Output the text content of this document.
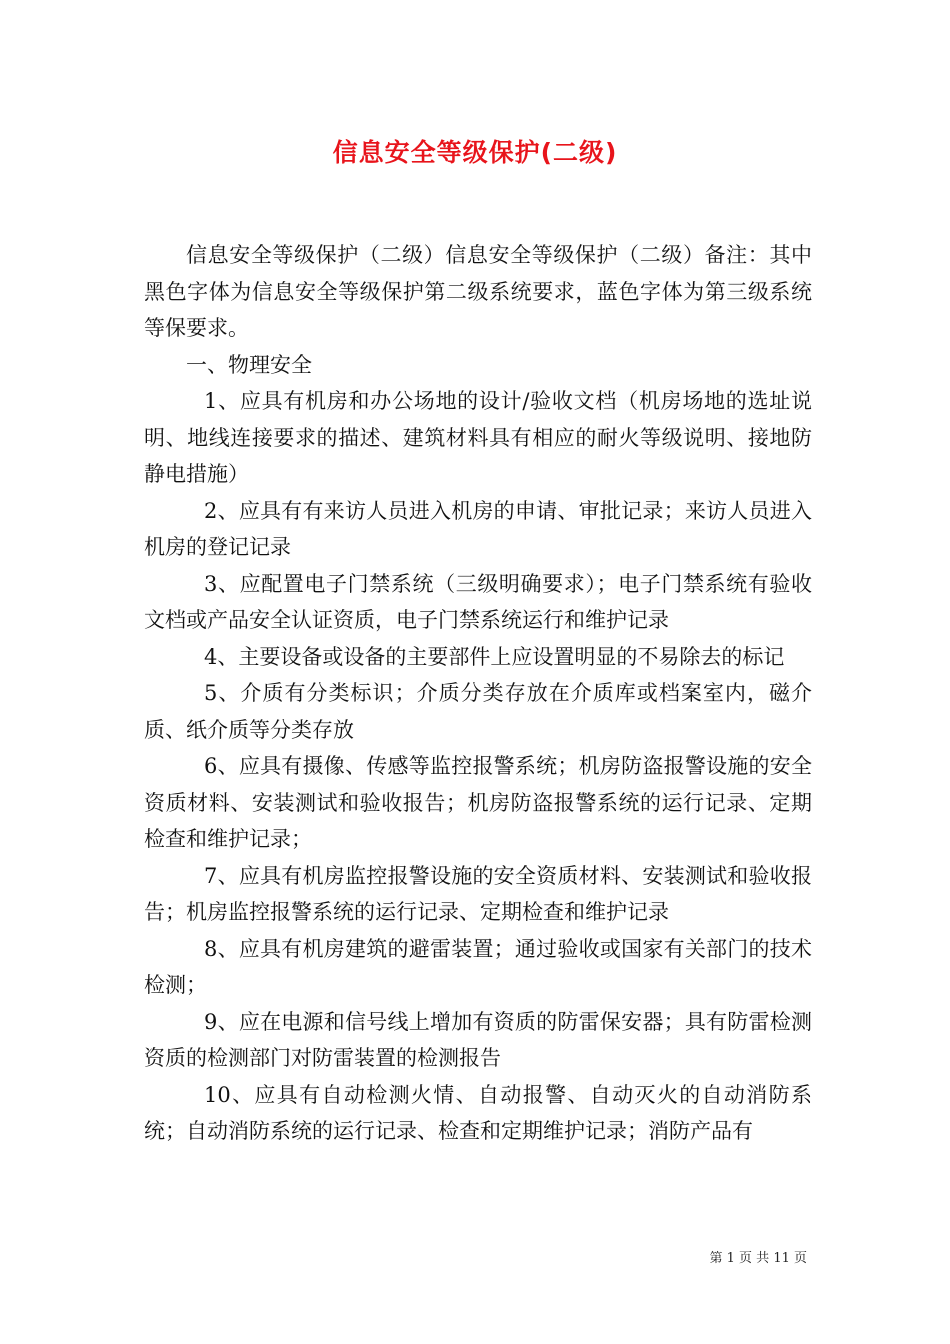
信息安全等级保护(二级)

信息安全等级保护（二级）信息安全等级保护（二级）备注：其中黑色字体为信息安全等级保护第二级系统要求，蓝色字体为第三级系统等保要求。

一、物理安全

1、应具有机房和办公场地的设计/验收文档（机房场地的选址说明、地线连接要求的描述、建筑材料具有相应的耐火等级说明、接地防静电措施）

2、应具有有来访人员进入机房的申请、审批记录；来访人员进入机房的登记记录

3、应配置电子门禁系统（三级明确要求）；电子门禁系统有验收文档或产品安全认证资质，电子门禁系统运行和维护记录

4、主要设备或设备的主要部件上应设置明显的不易除去的标记

5、介质有分类标识；介质分类存放在介质库或档案室内，磁介质、纸介质等分类存放

6、应具有摄像、传感等监控报警系统；机房防盗报警设施的安全资质材料、安装测试和验收报告；机房防盗报警系统的运行记录、定期检查和维护记录；

7、应具有机房监控报警设施的安全资质材料、安装测试和验收报告；机房监控报警系统的运行记录、定期检查和维护记录

8、应具有机房建筑的避雷装置；通过验收或国家有关部门的技术检测；

9、应在电源和信号线上增加有资质的防雷保安器；具有防雷检测资质的检测部门对防雷装置的检测报告

10、应具有自动检测火情、自动报警、自动灭火的自动消防系统；自动消防系统的运行记录、检查和定期维护记录；消防产品有

第 1 页 共 11 页
